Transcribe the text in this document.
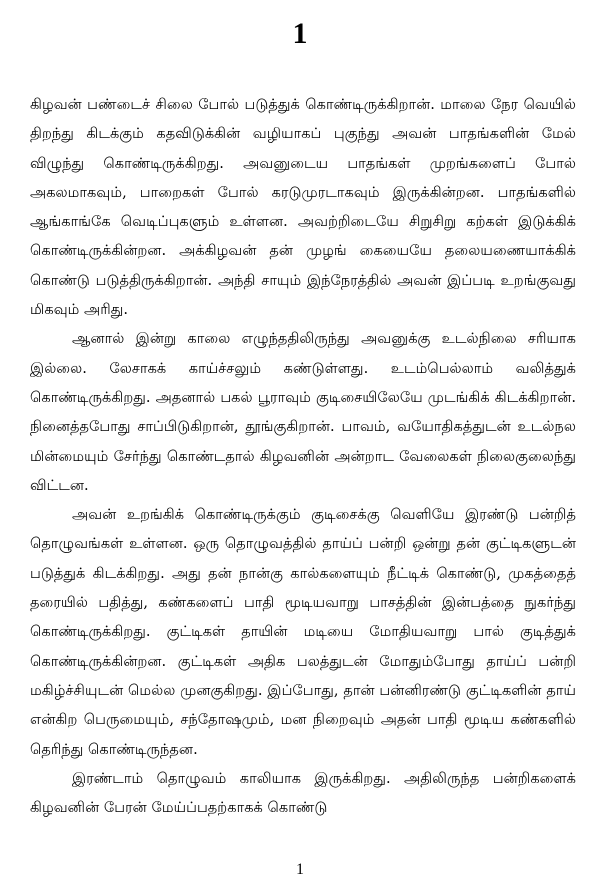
1

கிழவன் பண்டைச் சிலை போல் படுத்துக் கொண்டிருக்கிறான். மாலை நேர வெயில் திறந்து கிடக்கும் கதவிடுக்கின் வழியாகப் புகுந்து அவன் பாதங்களின் மேல் விழுந்து கொண்டிருக்கிறது. அவனுடைய பாதங்கள் முறங்களைப் போல் அகலமாகவும், பாறைகள் போல் கரடுமுரடாகவும் இருக்கின்றன. பாதங்களில் ஆங்காங்கே வெடிப்புகளும் உள்ளன. அவற்றிடையே சிறுசிறு கற்கள் இடுக்கிக் கொண்டிருக்கின்றன. அக்கிழவன் தன் முழங் கையையே தலையணையாக்கிக் கொண்டு படுத்திருக்கிறான். அந்தி சாயும் இந்நேரத்தில் அவன் இப்படி உறங்குவது மிகவும் அரிது.

ஆனால் இன்று காலை எழுந்ததிலிருந்து அவனுக்கு உடல்நிலை சரியாக இல்லை. லேசாகக் காய்ச்சலும் கண்டுள்ளது. உடம்பெல்லாம் வலித்துக் கொண்டிருக்கிறது. அதனால் பகல் பூராவும் குடிசையிலேயே முடங்கிக் கிடக்கிறான். நினைத்தபோது சாப்பிடுகிறான், தூங்குகிறான். பாவம், வயோதிகத்துடன் உடல்நல மின்மையும் சேர்ந்து கொண்டதால் கிழவனின் அன்றாட வேலைகள் நிலைகுலைந்து விட்டன.

அவன் உறங்கிக் கொண்டிருக்கும் குடிசைக்கு வெளியே இரண்டு பன்றித் தொழுவங்கள் உள்ளன. ஒரு தொழுவத்தில் தாய்ப் பன்றி ஒன்று தன் குட்டிகளுடன் படுத்துக் கிடக்கிறது. அது தன் நான்கு கால்களையும் நீட்டிக் கொண்டு, முகத்தைத் தரையில் பதித்து, கண்களைப் பாதி மூடியவாறு பாசத்தின் இன்பத்தை நுகர்ந்து கொண்டிருக்கிறது. குட்டிகள் தாயின் மடியை மோதியவாறு பால் குடித்துக் கொண்டிருக்கின்றன. குட்டிகள் அதிக பலத்துடன் மோதும்போது தாய்ப் பன்றி மகிழ்ச்சியுடன் மெல்ல முனகுகிறது. இப்போது, தான் பன்னிரண்டு குட்டிகளின் தாய் என்கிற பெருமையும், சந்தோஷமும், மன நிறைவும் அதன் பாதி மூடிய கண்களில் தெரிந்து கொண்டிருந்தன.

இரண்டாம் தொழுவம் காலியாக இருக்கிறது. அதிலிருந்த பன்றிகளைக் கிழவனின் பேரன் மேய்ப்பதற்காகக் கொண்டு

1
